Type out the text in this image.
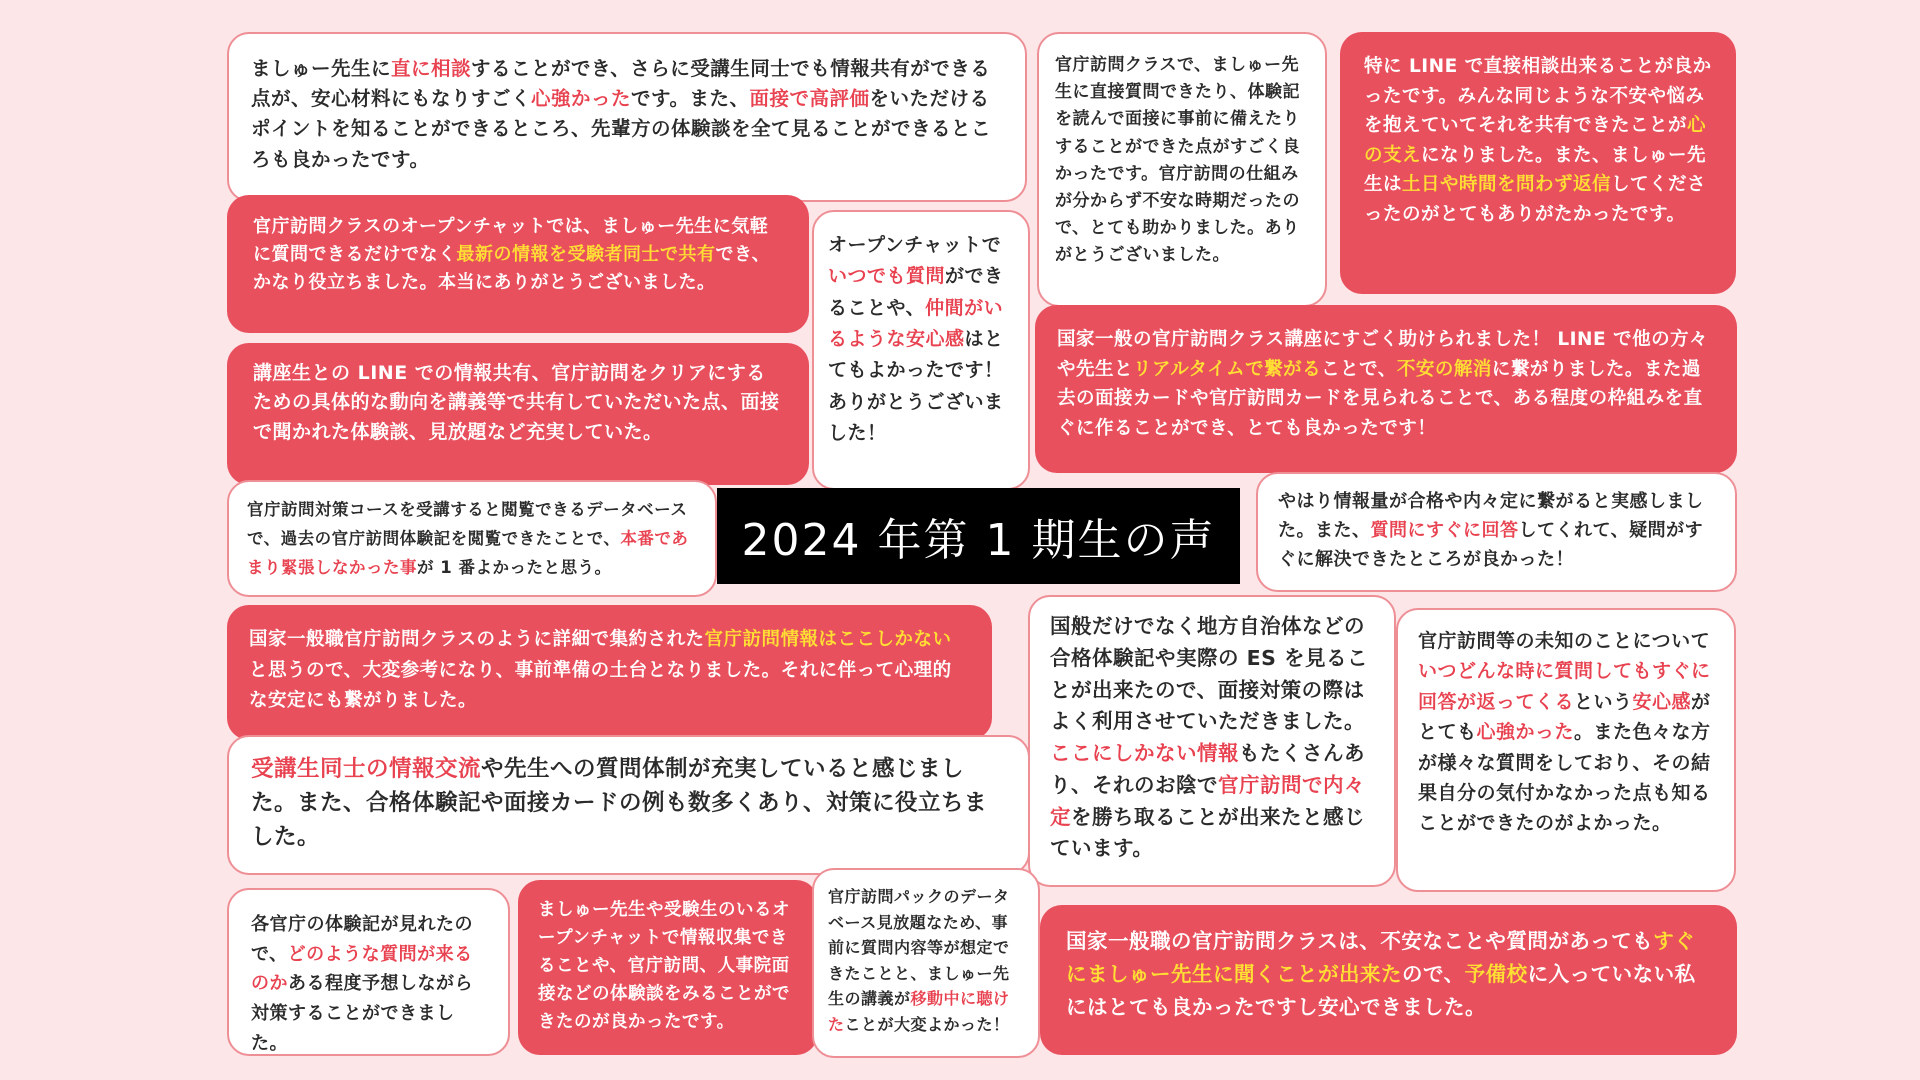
ましゅー先生に直に相談することができ、さらに受講生同士でも情報共有ができる点が、安心材料にもなりすごく心強かったです。また、面接で高評価をいただけるポイントを知ることができるところ、先輩方の体験談を全て見ることができるところも良かったです。
官庁訪問クラスで、ましゅー先生に直接質問できたり、体験記を読んで面接に事前に備えたりすることができた点がすごく良かったです。官庁訪問の仕組みが分からず不安な時期だったので、とても助かりました。ありがとうございました。
特に LINE で直接相談出来ることが良かったです。みんな同じような不安や悩みを抱えていてそれを共有できたことが心の支えになりました。また、ましゅー先生は土日や時間を問わず返信してくださったのがとてもありがたかったです。
官庁訪問クラスのオープンチャットでは、ましゅー先生に気軽に質問できるだけでなく最新の情報を受験者同士で共有でき、かなり役立ちました。本当にありがとうございました。
オープンチャットでいつでも質問ができることや、仲間がいるような安心感はとてもよかったです！ありがとうございました！
国家一般の官庁訪問クラス講座にすごく助けられました！ LINE で他の方々や先生とリアルタイムで繋がることで、不安の解消に繋がりました。また過去の面接カードや官庁訪問カードを見られることで、ある程度の枠組みを直ぐに作ることができ、とても良かったです！
講座生との LINE での情報共有、官庁訪問をクリアにするための具体的な動向を講義等で共有していただいた点、面接で聞かれた体験談、見放題など充実していた。
官庁訪問対策コースを受講すると閲覧できるデータベースで、過去の官庁訪問体験記を閲覧できたことで、本番であまり緊張しなかった事が 1 番よかったと思う。
やはり情報量が合格や内々定に繋がると実感しました。また、質問にすぐに回答してくれて、疑問がすぐに解決できたところが良かった！
国家一般職官庁訪問クラスのように詳細で集約された官庁訪問情報はここしかないと思うので、大変参考になり、事前準備の土台となりました。それに伴って心理的な安定にも繋がりました。
国般だけでなく地方自治体などの合格体験記や実際の ES を見ることが出来たので、面接対策の際はよく利用させていただきました。ここにしかない情報もたくさんあり、それのお陰で官庁訪問で内々定を勝ち取ることが出来たと感じています。
官庁訪問等の未知のことについていつどんな時に質問してもすぐに回答が返ってくるという安心感がとても心強かった。また色々な方が様々な質問をしており、その結果自分の気付かなかった点も知ることができたのがよかった。
受講生同士の情報交流や先生への質問体制が充実していると感じました。また、合格体験記や面接カードの例も数多くあり、対策に役立ちました。
各官庁の体験記が見れたので、どのような質問が来るのかある程度予想しながら対策することができました。
ましゅー先生や受験生のいるオープンチャットで情報収集できることや、官庁訪問、人事院面接などの体験談をみることができたのが良かったです。
官庁訪問パックのデータベース見放題なため、事前に質問内容等が想定できたことと、ましゅー先生の講義が移動中に聴けたことが大変よかった！
国家一般職の官庁訪問クラスは、不安なことや質問があってもすぐにましゅー先生に聞くことが出来たので、予備校に入っていない私にはとても良かったですし安心できました。
2024 年第 1 期生の声
